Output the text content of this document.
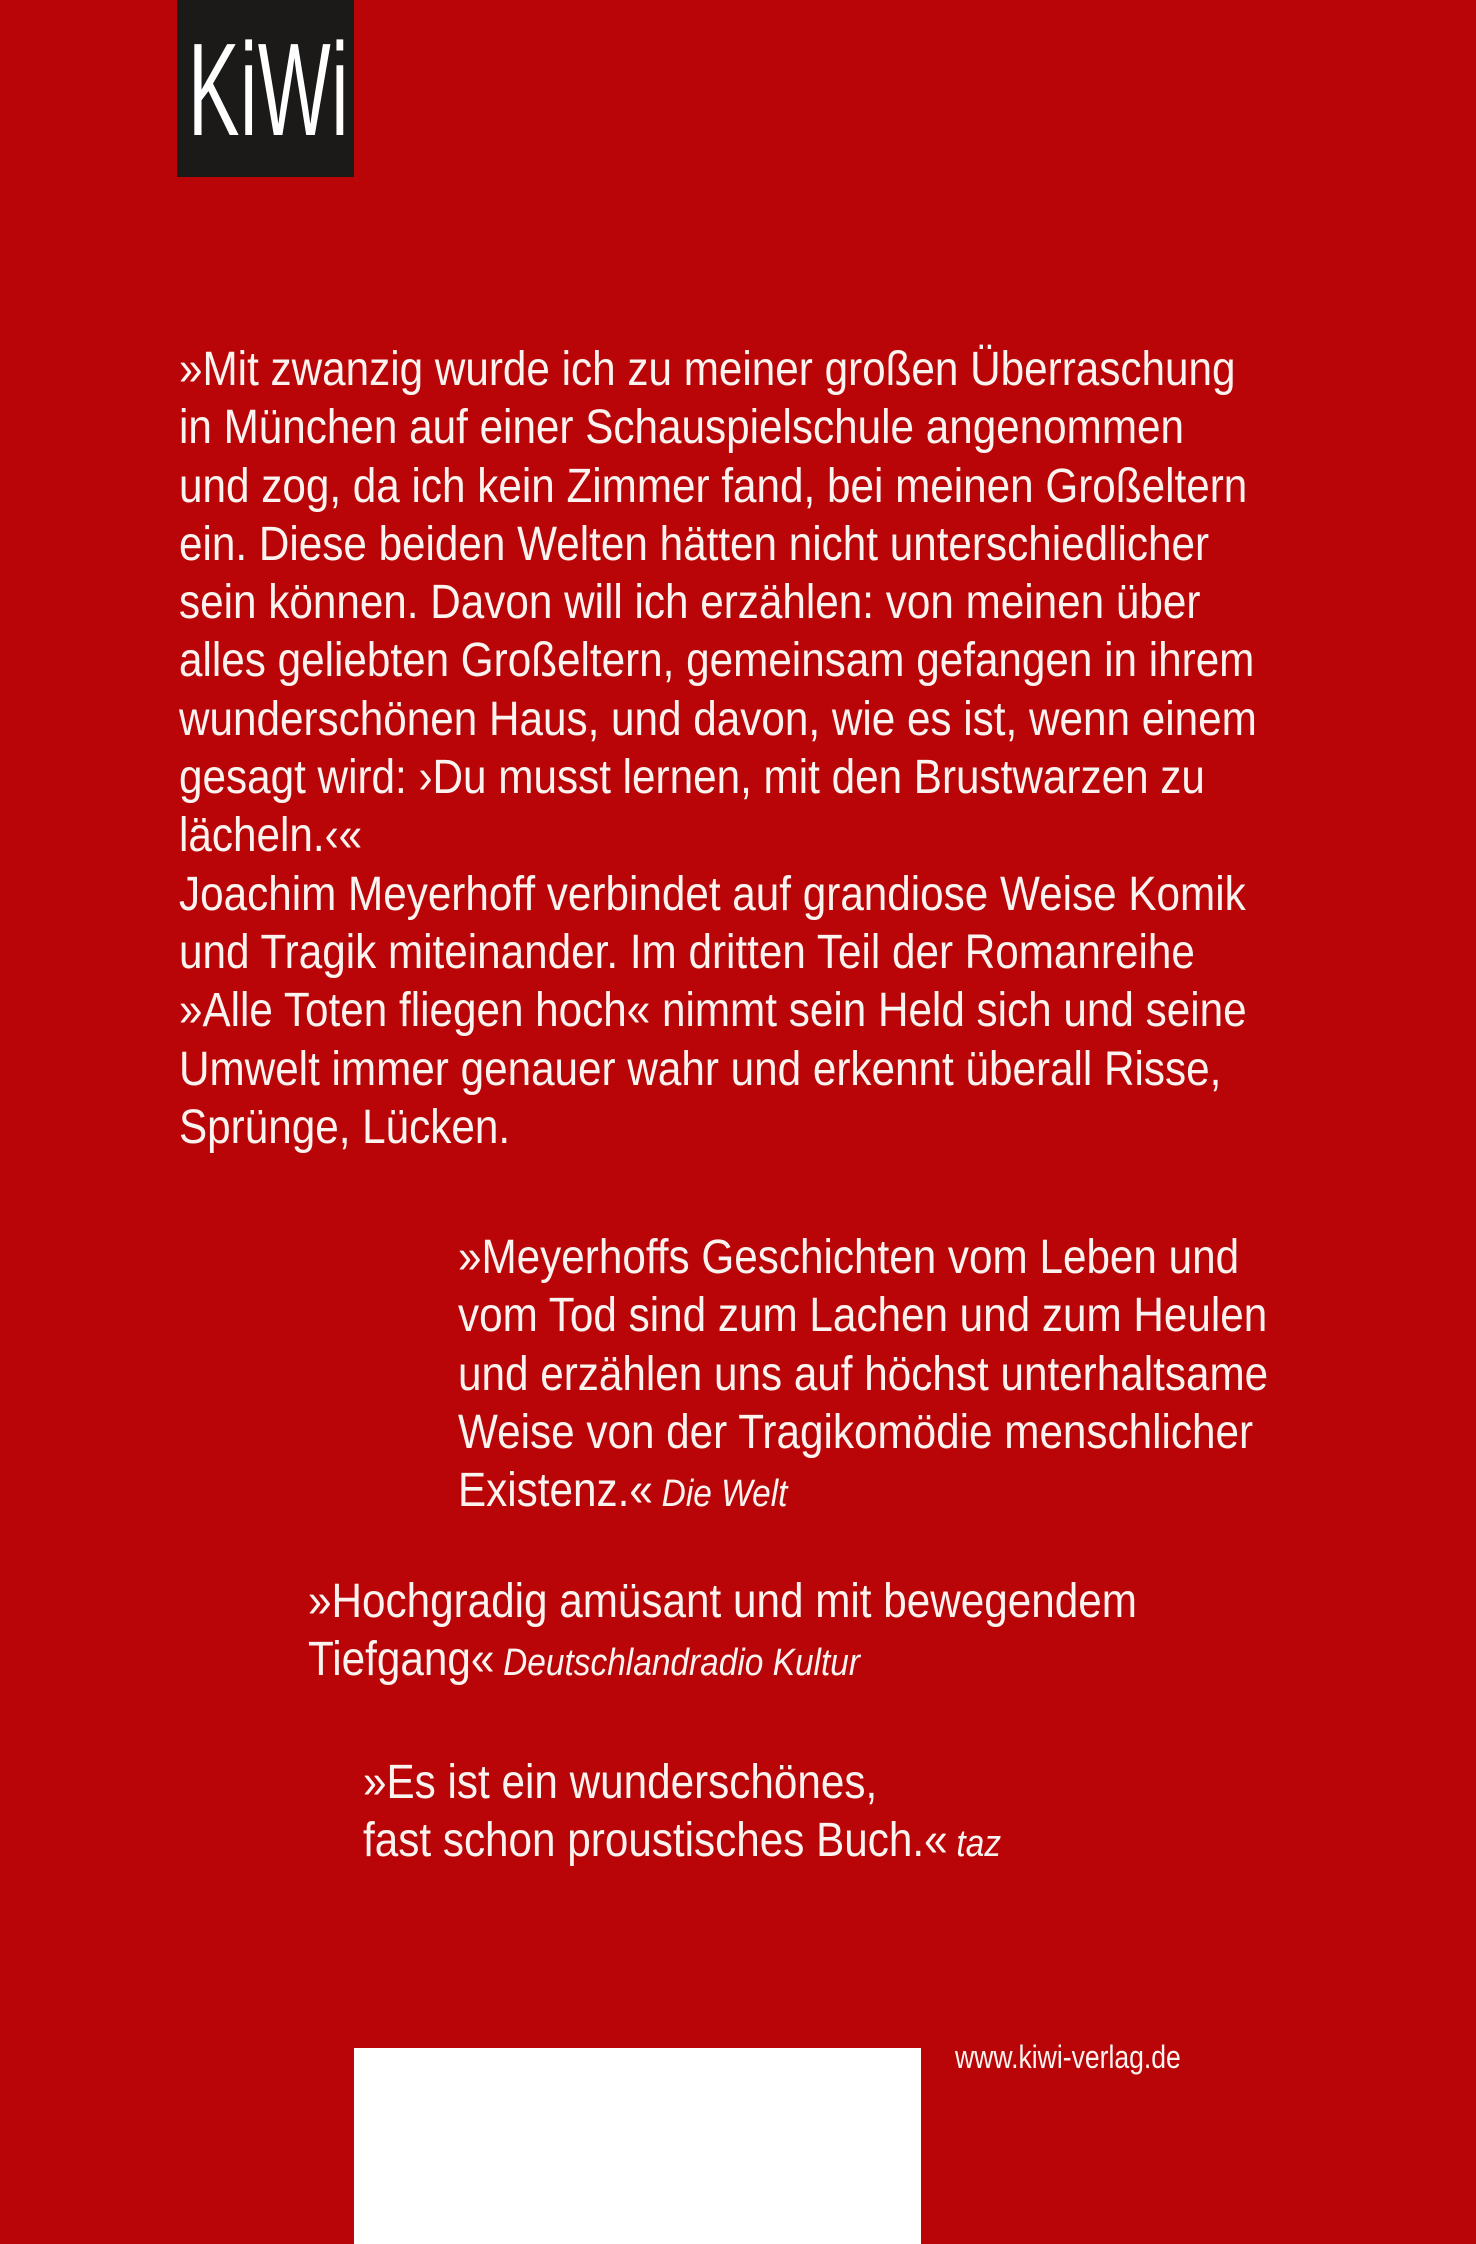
KiWi
»Mit zwanzig wurde ich zu meiner großen Überraschung
in München auf einer Schauspielschule angenommen
und zog, da ich kein Zimmer fand, bei meinen Großeltern
ein. Diese beiden Welten hätten nicht unterschiedlicher
sein können. Davon will ich erzählen: von meinen über
alles geliebten Großeltern, gemeinsam gefangen in ihrem
wunderschönen Haus, und davon, wie es ist, wenn einem
gesagt wird: ›Du musst lernen, mit den Brustwarzen zu
lächeln.‹«
Joachim Meyerhoff verbindet auf grandiose Weise Komik
und Tragik miteinander. Im dritten Teil der Romanreihe
»Alle Toten fliegen hoch« nimmt sein Held sich und seine
Umwelt immer genauer wahr und erkennt überall Risse,
Sprünge, Lücken.
»Meyerhoffs Geschichten vom Leben und
vom Tod sind zum Lachen und zum Heulen
und erzählen uns auf höchst unterhaltsame
Weise von der Tragikomödie menschlicher
Existenz.« Die Welt
»Hochgradig amüsant und mit bewegendem
Tiefgang« Deutschlandradio Kultur
»Es ist ein wunderschönes,
fast schon proustisches Buch.« taz
www.kiwi-verlag.de
